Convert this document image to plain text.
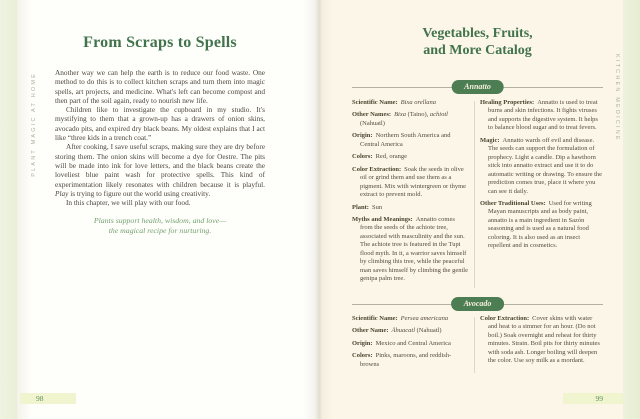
PLANT MAGIC AT HOME
From Scraps to Spells

Another way we can help the earth is to reduce our food waste. One method to do this is to collect kitchen scraps and turn them into magic spells, art projects, and medicine. What's left can become compost and then part of the soil again, ready to nourish new life.

Children like to investigate the cupboard in my studio. It's mystifying to them that a grown-up has a drawers of onion skins, avocado pits, and expired dry black beans. My oldest explains that I act like “three kids in a trench coat.”

After cooking, I save useful scraps, making sure they are dry before storing them. The onion skins will become a dye for Oestre. The pits will be made into ink for love letters, and the black beans create the loveliest blue paint wash for protective spells. This kind of experimentation likely resonates with children because it is playful. Play is trying to figure out the world using creativity.

In this chapter, we will play with our food.

Plants support health, wisdom, and love—
the magical recipe for nurturing.
98
KITCHEN MEDICINE
Vegetables, Fruits,
and More Catalog
Annatto

Scientific Name: Bixa orellana

Other Names: Bixa (Taino), achiotl (Nahuatl)

Origin: Northern South America and Central America

Colors: Red, orange

Color Extraction: Soak the seeds in olive oil or grind them and use them as a pigment. Mix with wintergreen or thyme extract to prevent mold.

Plant: Sun

Myths and Meanings: Annatto comes from the seeds of the achiote tree, associated with masculinity and the sun. The achiote tree is featured in the Tupi flood myth. In it, a warrior saves himself by climbing this tree, while the peaceful man saves himself by climbing the gentle genipa palm tree.

Healing Properties: Annatto is used to treat burns and skin infections. It fights viruses and supports the digestive system. It helps to balance blood sugar and to treat fevers.

Magic: Annatto wards off evil and disease. The seeds can support the formulation of prophecy. Light a candle. Dip a hawthorn stick into annatto extract and use it to do automatic writing or drawing. To ensure the prediction comes true, place it where you can see it daily.

Other Traditional Uses: Used for writing Mayan manuscripts and as body paint, annatto is a main ingredient in Sazón seasoning and is used as a natural food coloring. It is also used as an insect repellent and in cosmetics.

Avocado

Scientific Name: Persea americana

Other Name: Āhuacatl (Nahuatl)

Origin: Mexico and Central America

Colors: Pinks, maroons, and reddish-browns

Color Extraction: Cover skins with water and heat to a simmer for an hour. (Do not boil.) Soak overnight and reheat for thirty minutes. Strain. Boil pits for thirty minutes with soda ash. Longer boiling will deepen the color. Use soy milk as a mordant.

99
